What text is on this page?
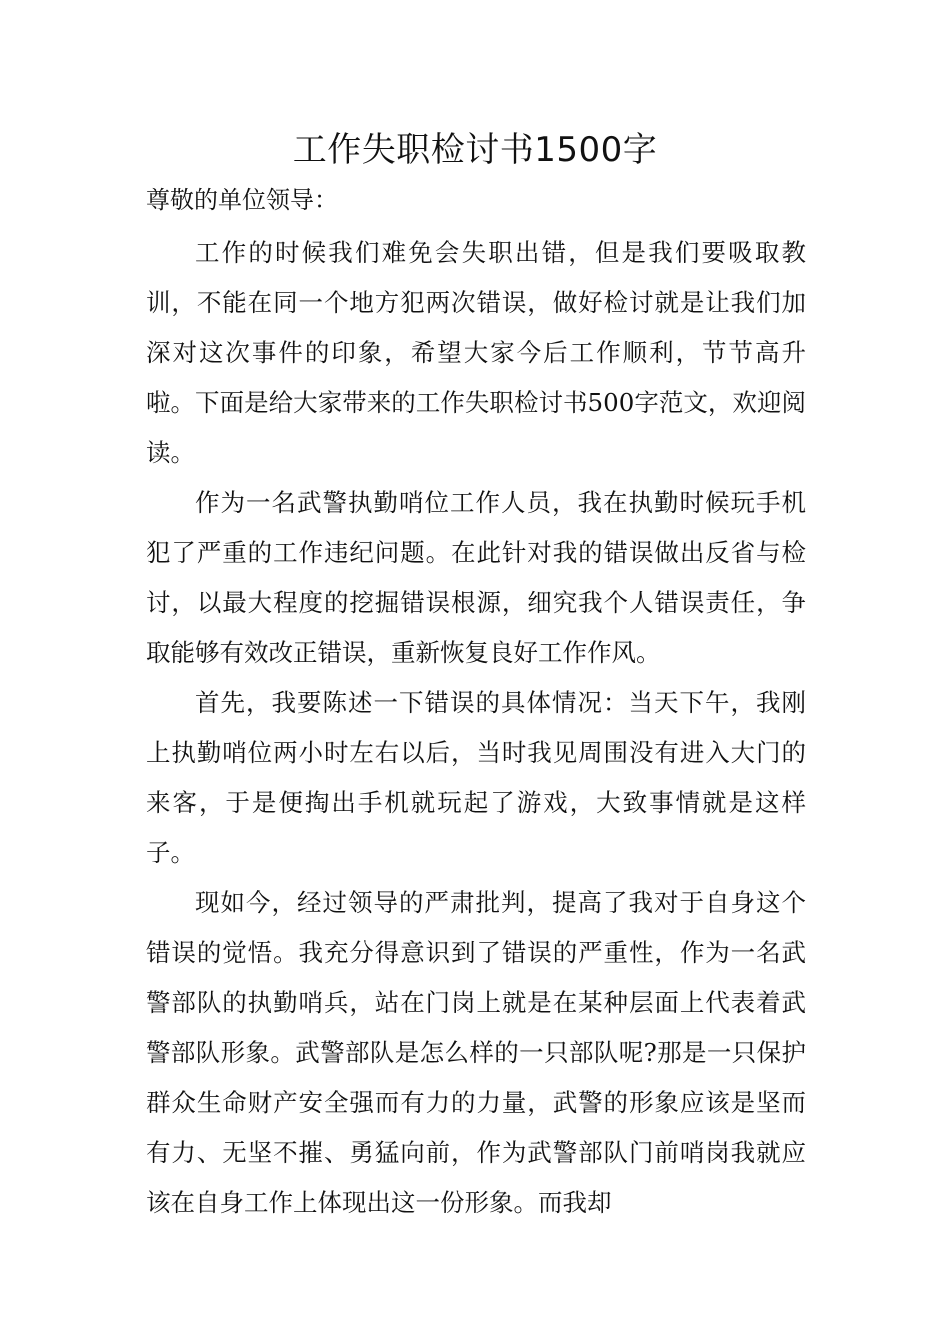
工作失职检讨书1500字

尊敬的单位领导：

工作的时候我们难免会失职出错，但是我们要吸取教训，不能在同一个地方犯两次错误，做好检讨就是让我们加深对这次事件的印象，希望大家今后工作顺利，节节高升啦。下面是给大家带来的工作失职检讨书500字范文，欢迎阅读。

作为一名武警执勤哨位工作人员，我在执勤时候玩手机犯了严重的工作违纪问题。在此针对我的错误做出反省与检讨，以最大程度的挖掘错误根源，细究我个人错误责任，争取能够有效改正错误，重新恢复良好工作作风。

首先，我要陈述一下错误的具体情况：当天下午，我刚上执勤哨位两小时左右以后，当时我见周围没有进入大门的来客，于是便掏出手机就玩起了游戏，大致事情就是这样子。

现如今，经过领导的严肃批判，提高了我对于自身这个错误的觉悟。我充分得意识到了错误的严重性，作为一名武警部队的执勤哨兵，站在门岗上就是在某种层面上代表着武警部队形象。武警部队是怎么样的一只部队呢?那是一只保护群众生命财产安全强而有力的力量，武警的形象应该是坚而有力、无坚不摧、勇猛向前，作为武警部队门前哨岗我就应该在自身工作上体现出这一份形象。而我却
